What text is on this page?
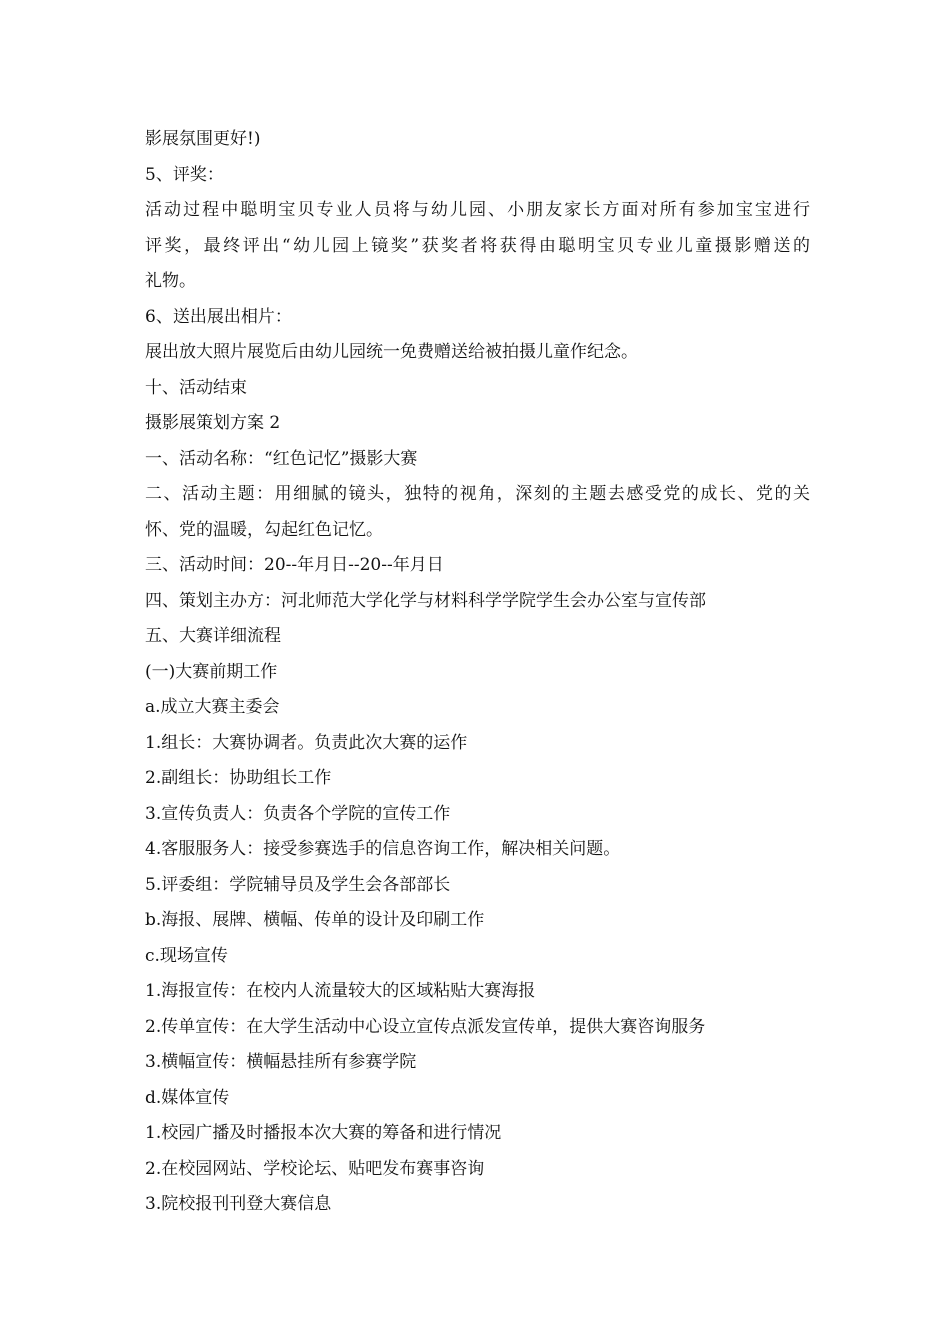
影展氛围更好!)
5、评奖：
活动过程中聪明宝贝专业人员将与幼儿园、小朋友家长方面对所有参加宝宝进行
评奖，最终评出“幼儿园上镜奖”获奖者将获得由聪明宝贝专业儿童摄影赠送的
礼物。
6、送出展出相片：
展出放大照片展览后由幼儿园统一免费赠送给被拍摄儿童作纪念。
十、活动结束
摄影展策划方案 2
一、活动名称：“红色记忆”摄影大赛
二、活动主题：用细腻的镜头，独特的视角，深刻的主题去感受党的成长、党的关
怀、党的温暖，勾起红色记忆。
三、活动时间：20--年月日--20--年月日
四、策划主办方：河北师范大学化学与材料科学学院学生会办公室与宣传部
五、大赛详细流程
(一)大赛前期工作
a.成立大赛主委会
1.组长：大赛协调者。负责此次大赛的运作
2.副组长：协助组长工作
3.宣传负责人：负责各个学院的宣传工作
4.客服服务人：接受参赛选手的信息咨询工作，解决相关问题。
5.评委组：学院辅导员及学生会各部部长
b.海报、展牌、横幅、传单的设计及印刷工作
c.现场宣传
1.海报宣传：在校内人流量较大的区域粘贴大赛海报
2.传单宣传：在大学生活动中心设立宣传点派发宣传单，提供大赛咨询服务
3.横幅宣传：横幅悬挂所有参赛学院
d.媒体宣传
1.校园广播及时播报本次大赛的筹备和进行情况
2.在校园网站、学校论坛、贴吧发布赛事咨询
3.院校报刊刊登大赛信息
